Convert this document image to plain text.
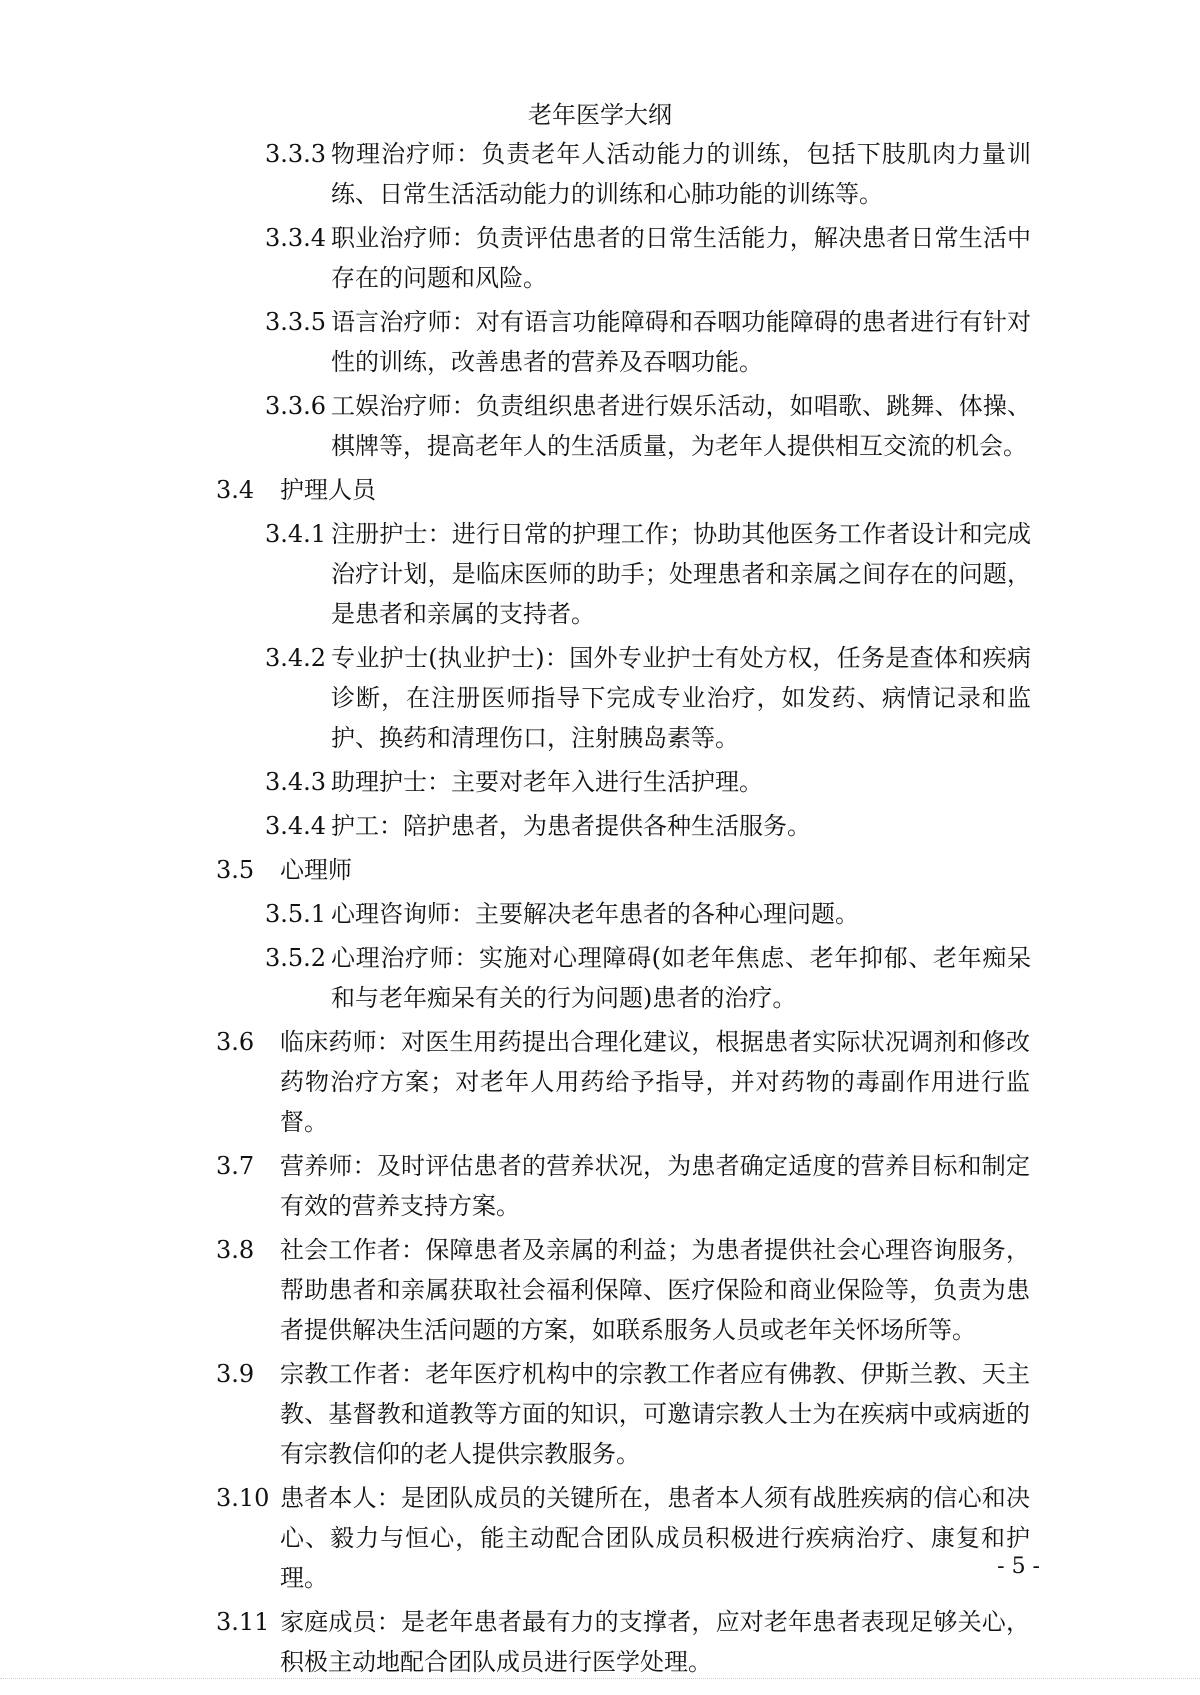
老年医学大纲
3.3.3 物理治疗师：负责老年人活动能力的训练，包括下肢肌肉力量训练、日常生活活动能力的训练和心肺功能的训练等。
3.3.4 职业治疗师：负责评估患者的日常生活能力，解决患者日常生活中存在的问题和风险。
3.3.5 语言治疗师：对有语言功能障碍和吞咽功能障碍的患者进行有针对性的训练，改善患者的营养及吞咽功能。
3.3.6 工娱治疗师：负责组织患者进行娱乐活动，如唱歌、跳舞、体操、棋牌等，提高老年人的生活质量，为老年人提供相互交流的机会。
3.4 护理人员
3.4.1 注册护士：进行日常的护理工作；协助其他医务工作者设计和完成治疗计划，是临床医师的助手；处理患者和亲属之间存在的问题，是患者和亲属的支持者。
3.4.2 专业护士(执业护士)：国外专业护士有处方权，任务是查体和疾病诊断，在注册医师指导下完成专业治疗，如发药、病情记录和监护、换药和清理伤口，注射胰岛素等。
3.4.3 助理护士：主要对老年入进行生活护理。
3.4.4 护工：陪护患者，为患者提供各种生活服务。
3.5 心理师
3.5.1 心理咨询师：主要解决老年患者的各种心理问题。
3.5.2 心理治疗师：实施对心理障碍(如老年焦虑、老年抑郁、老年痴呆和与老年痴呆有关的行为问题)患者的治疗。
3.6 临床药师：对医生用药提出合理化建议，根据患者实际状况调剂和修改药物治疗方案；对老年人用药给予指导，并对药物的毒副作用进行监督。
3.7 营养师：及时评估患者的营养状况，为患者确定适度的营养目标和制定有效的营养支持方案。
3.8 社会工作者：保障患者及亲属的利益；为患者提供社会心理咨询服务，帮助患者和亲属获取社会福利保障、医疗保险和商业保险等，负责为患者提供解决生活问题的方案，如联系服务人员或老年关怀场所等。
3.9 宗教工作者：老年医疗机构中的宗教工作者应有佛教、伊斯兰教、天主教、基督教和道教等方面的知识，可邀请宗教人士为在疾病中或病逝的有宗教信仰的老人提供宗教服务。
3.10 患者本人：是团队成员的关键所在，患者本人须有战胜疾病的信心和决心、毅力与恒心，能主动配合团队成员积极进行疾病治疗、康复和护理。
3.11 家庭成员：是老年患者最有力的支撑者，应对老年患者表现足够关心，积极主动地配合团队成员进行医学处理。
- 5 -
